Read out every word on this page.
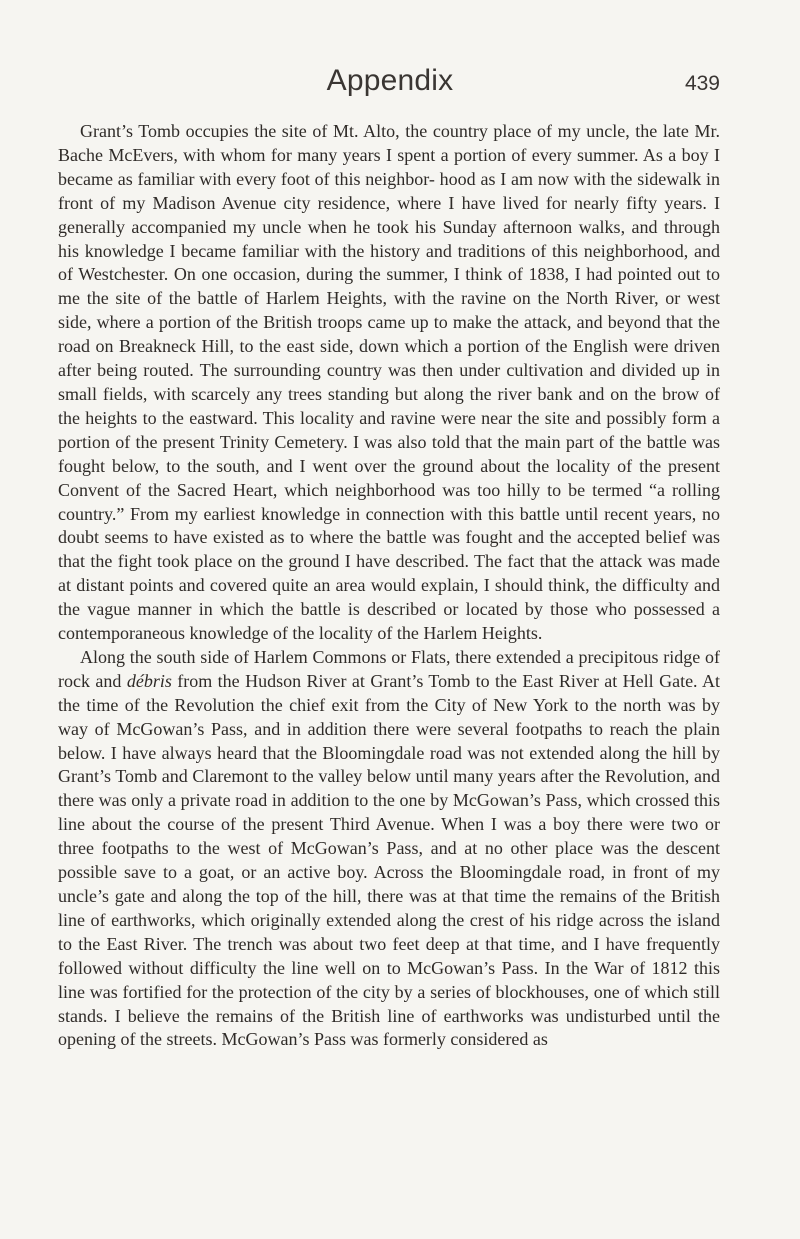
Appendix	439

Grant’s Tomb occupies the site of Mt. Alto, the country place of my uncle, the late Mr. Bache McEvers, with whom for many years I spent a portion of every summer. As a boy I became as familiar with every foot of this neighbor- hood as I am now with the sidewalk in front of my Madison Avenue city residence, where I have lived for nearly fifty years. I generally accompanied my uncle when he took his Sunday afternoon walks, and through his knowledge I became familiar with the history and traditions of this neighborhood, and of Westchester. On one occasion, during the summer, I think of 1838, I had pointed out to me the site of the battle of Harlem Heights, with the ravine on the North River, or west side, where a portion of the British troops came up to make the attack, and beyond that the road on Breakneck Hill, to the east side, down which a portion of the English were driven after being routed. The surrounding country was then under cultivation and divided up in small fields, with scarcely any trees standing but along the river bank and on the brow of the heights to the eastward. This locality and ravine were near the site and possibly form a portion of the present Trinity Cemetery. I was also told that the main part of the battle was fought below, to the south, and I went over the ground about the locality of the present Convent of the Sacred Heart, which neighborhood was too hilly to be termed “a rolling country.” From my earliest knowledge in connection with this battle until recent years, no doubt seems to have existed as to where the battle was fought and the accepted belief was that the fight took place on the ground I have described. The fact that the attack was made at distant points and covered quite an area would explain, I should think, the difficulty and the vague manner in which the battle is described or located by those who possessed a contemporaneous knowledge of the locality of the Harlem Heights.

Along the south side of Harlem Commons or Flats, there extended a precipitous ridge of rock and débris from the Hudson River at Grant’s Tomb to the East River at Hell Gate. At the time of the Revolution the chief exit from the City of New York to the north was by way of McGowan’s Pass, and in addition there were several footpaths to reach the plain below. I have always heard that the Bloomingdale road was not extended along the hill by Grant’s Tomb and Claremont to the valley below until many years after the Revolution, and there was only a private road in addition to the one by McGowan’s Pass, which crossed this line about the course of the present Third Avenue. When I was a boy there were two or three footpaths to the west of McGowan’s Pass, and at no other place was the descent possible save to a goat, or an active boy. Across the Bloomingdale road, in front of my uncle’s gate and along the top of the hill, there was at that time the remains of the British line of earthworks, which originally extended along the crest of his ridge across the island to the East River. The trench was about two feet deep at that time, and I have frequently followed without difficulty the line well on to McGowan’s Pass. In the War of 1812 this line was fortified for the protection of the city by a series of blockhouses, one of which still stands. I believe the remains of the British line of earthworks was undisturbed until the opening of the streets. McGowan’s Pass was formerly considered as
